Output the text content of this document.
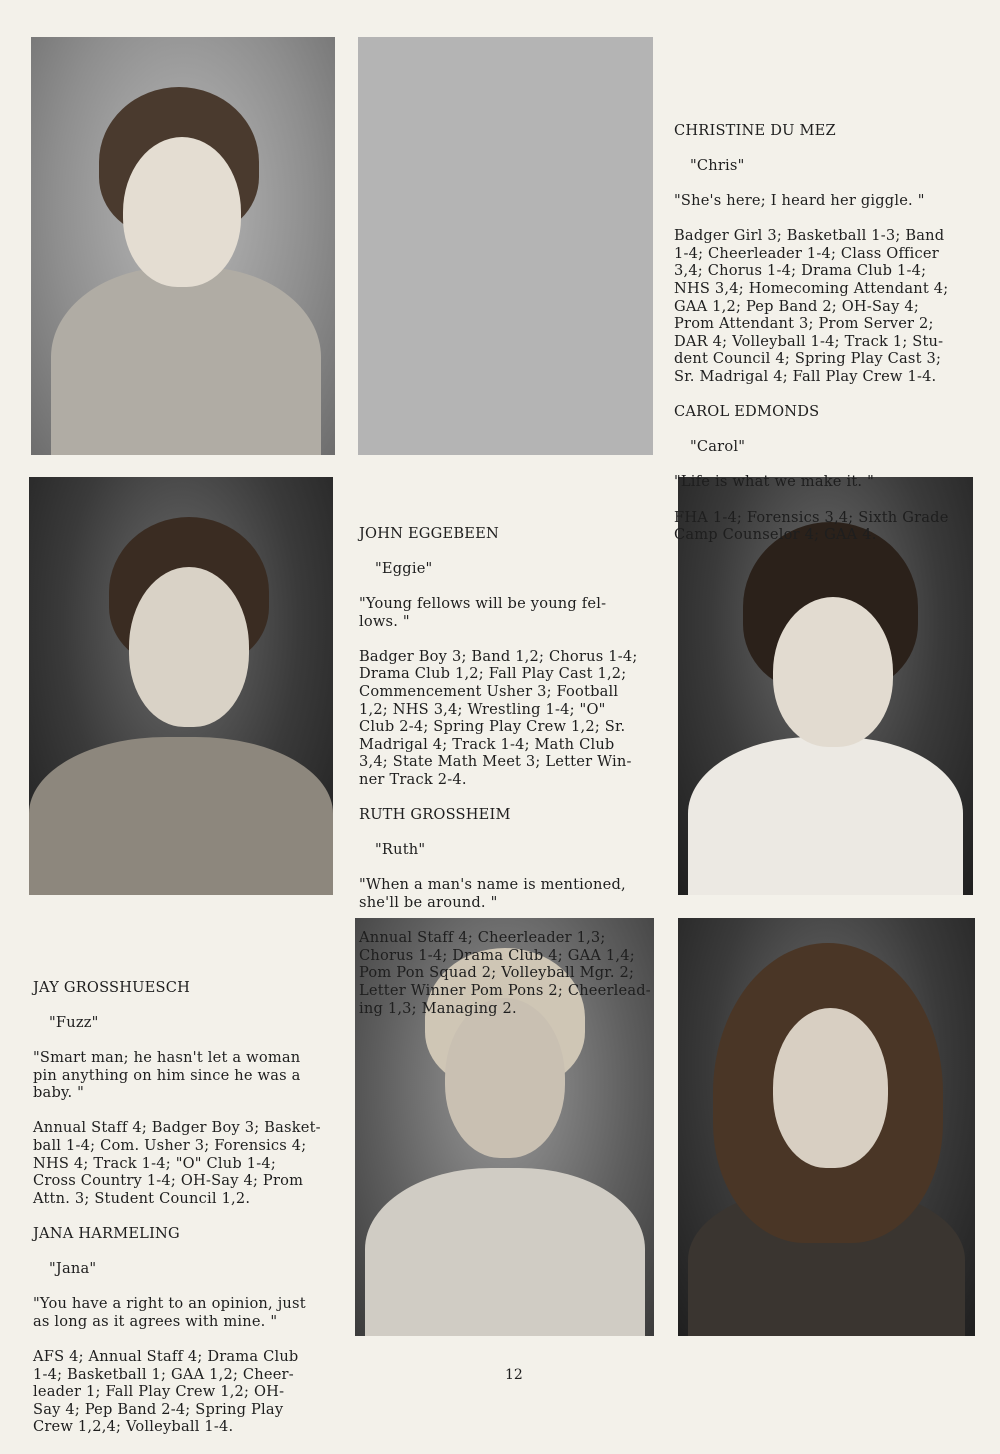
CHRISTINE DU MEZ

"Chris"

"She's here; I heard her giggle. "

Badger Girl 3; Basketball 1-3; Band
1-4; Cheerleader 1-4; Class Officer
3,4; Chorus 1-4; Drama Club 1-4;
NHS 3,4; Homecoming Attendant 4;
GAA 1,2; Pep Band 2; OH-Say 4;
Prom Attendant 3; Prom Server 2;
DAR 4; Volleyball 1-4; Track 1; Stu-
dent Council 4; Spring Play Cast 3;
Sr. Madrigal 4; Fall Play Crew 1-4.

CAROL EDMONDS

"Carol"

"Life is what we make it. "

FHA 1-4; Forensics 3,4; Sixth Grade
Camp Counselor 4; GAA 4.

JOHN EGGEBEEN

"Eggie"

"Young fellows will be young fel-
lows. "

Badger Boy 3; Band 1,2; Chorus 1-4;
Drama Club 1,2; Fall Play Cast 1,2;
Commencement Usher 3; Football
1,2; NHS 3,4; Wrestling 1-4; "O"
Club 2-4; Spring Play Crew 1,2; Sr.
Madrigal 4; Track 1-4; Math Club
3,4; State Math Meet 3; Letter Win-
ner Track 2-4.

RUTH GROSSHEIM

"Ruth"

"When a man's name is mentioned,
she'll be around. "

Annual Staff 4; Cheerleader 1,3;
Chorus 1-4; Drama Club 4; GAA 1,4;
Pom Pon Squad 2; Volleyball Mgr. 2;
Letter Winner Pom Pons 2; Cheerlead-
ing 1,3; Managing 2.

JAY GROSSHUESCH

"Fuzz"

"Smart man; he hasn't let a woman
pin anything on him since he was a
baby. "

Annual Staff 4; Badger Boy 3; Basket-
ball 1-4; Com. Usher 3; Forensics 4;
NHS 4; Track 1-4; "O" Club 1-4;
Cross Country 1-4; OH-Say 4; Prom
Attn. 3; Student Council 1,2.

JANA HARMELING

"Jana"

"You have a right to an opinion, just
as long as it agrees with mine. "

AFS 4; Annual Staff 4; Drama Club
1-4; Basketball 1; GAA 1,2; Cheer-
leader 1; Fall Play Crew 1,2; OH-
Say 4; Pep Band 2-4; Spring Play
Crew 1,2,4; Volleyball 1-4.

12
